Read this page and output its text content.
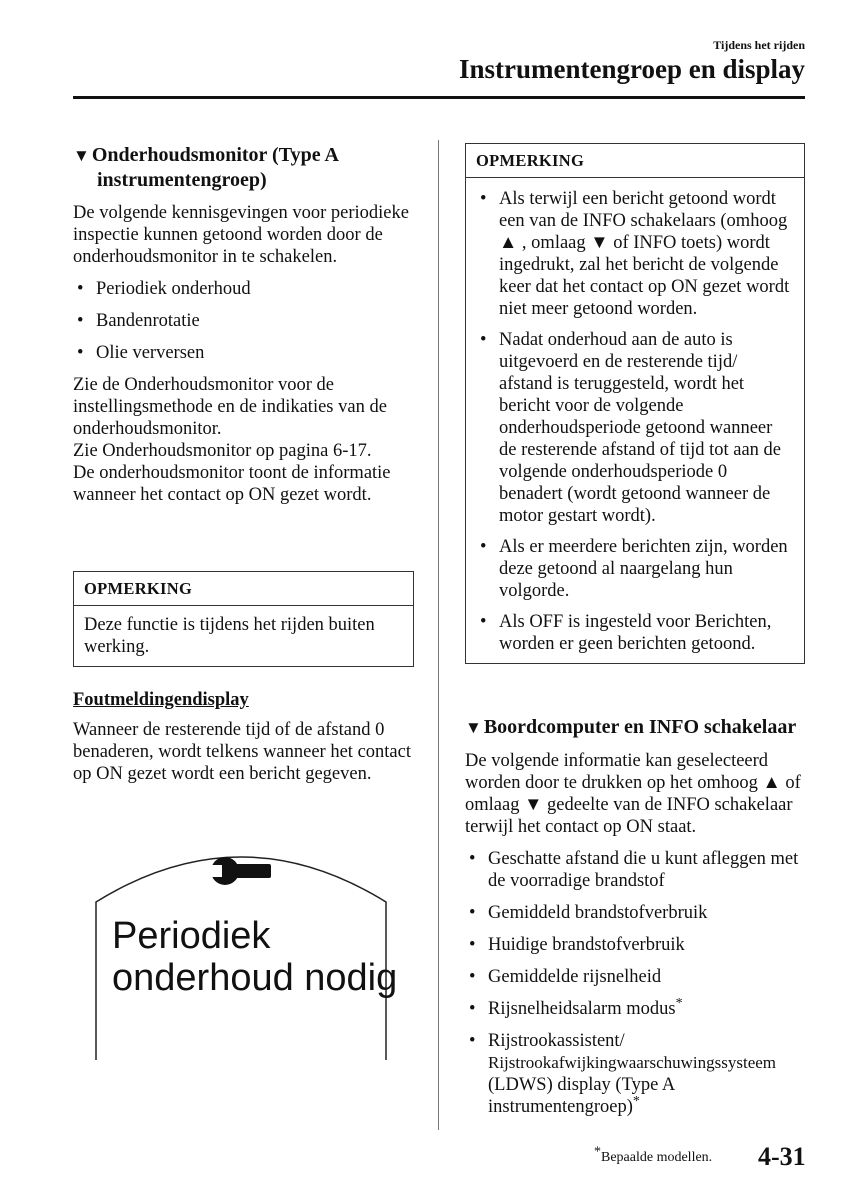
Tijdens het rijden
Instrumentengroep en display
▼ Onderhoudsmonitor (Type A
instrumentengroep)
De volgende kennisgevingen voor periodieke inspectie kunnen getoond worden door de onderhoudsmonitor in te schakelen.
• Periodiek onderhoud
• Bandenrotatie
• Olie verversen
Zie de Onderhoudsmonitor voor de instellingsmethode en de indikaties van de onderhoudsmonitor.
Zie Onderhoudsmonitor op pagina 6-17.
De onderhoudsmonitor toont de informatie wanneer het contact op ON gezet wordt.
OPMERKING
Deze functie is tijdens het rijden buiten werking.
Foutmeldingendisplay
Wanneer de resterende tijd of de afstand 0 benaderen, wordt telkens wanneer het contact op ON gezet wordt een bericht gegeven.
Periodiek
onderhoud nodig
OPMERKING
• Als terwijl een bericht getoond wordt een van de INFO schakelaars (omhoog ▲ , omlaag ▼ of INFO toets) wordt ingedrukt, zal het bericht de volgende keer dat het contact op ON gezet wordt niet meer getoond worden.
• Nadat onderhoud aan de auto is uitgevoerd en de resterende tijd/ afstand is teruggesteld, wordt het bericht voor de volgende onderhoudsperiode getoond wanneer de resterende afstand of tijd tot aan de volgende onderhoudsperiode 0 benadert (wordt getoond wanneer de motor gestart wordt).
• Als er meerdere berichten zijn, worden deze getoond al naargelang hun volgorde.
• Als OFF is ingesteld voor Berichten, worden er geen berichten getoond.
▼ Boordcomputer en INFO schakelaar
De volgende informatie kan geselecteerd worden door te drukken op het omhoog ▲ of omlaag ▼ gedeelte van de INFO schakelaar terwijl het contact op ON staat.
• Geschatte afstand die u kunt afleggen met de voorradige brandstof
• Gemiddeld brandstofverbruik
• Huidige brandstofverbruik
• Gemiddelde rijsnelheid
• Rijsnelheidsalarm modus*
• Rijstrookassistent/
Rijstrookafwijkingwaarschuwingssysteem
(LDWS) display (Type A
instrumentengroep)*
*Bepaalde modellen. 4-31
